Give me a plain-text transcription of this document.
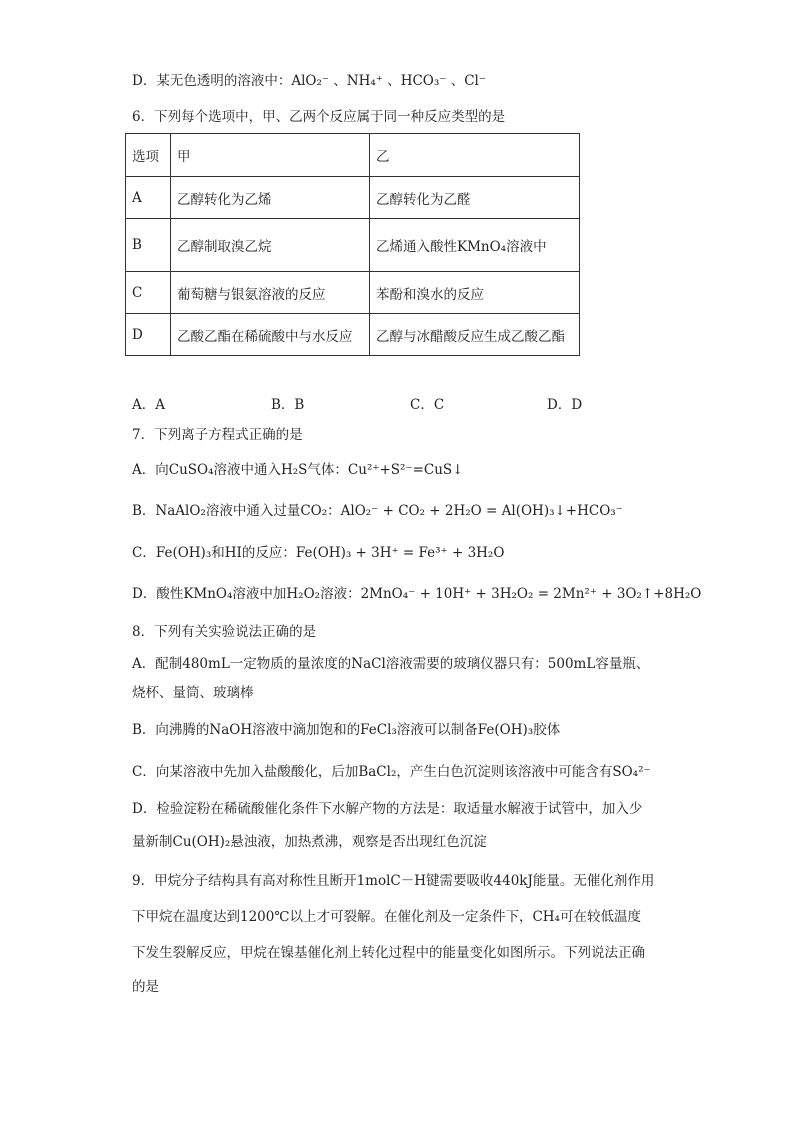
D．某无色透明的溶液中：AlO₂⁻ 、NH₄⁺ 、HCO₃⁻ 、Cl⁻
6．下列每个选项中，甲、乙两个反应属于同一种反应类型的是
选项	甲	乙
A	乙醇转化为乙烯	乙醇转化为乙醛
B	乙醇制取溴乙烷	乙烯通入酸性KMnO₄溶液中
C	葡萄糖与银氨溶液的反应	苯酚和溴水的反应
D	乙酸乙酯在稀硫酸中与水反应	乙醇与冰醋酸反应生成乙酸乙酯
A．A	B．B	C．C	D．D
7．下列离子方程式正确的是
A．向CuSO₄溶液中通入H₂S气体：Cu²⁺+S²⁻=CuS↓
B．NaAlO₂溶液中通入过量CO₂：AlO₂⁻ + CO₂ + 2H₂O = Al(OH)₃↓+HCO₃⁻
C．Fe(OH)₃和HI的反应：Fe(OH)₃ + 3H⁺ = Fe³⁺ + 3H₂O
D．酸性KMnO₄溶液中加H₂O₂溶液：2MnO₄⁻ + 10H⁺ + 3H₂O₂ = 2Mn²⁺ + 3O₂↑+8H₂O
8．下列有关实验说法正确的是
A．配制480mL一定物质的量浓度的NaCl溶液需要的玻璃仪器只有：500mL容量瓶、
烧杯、量筒、玻璃棒
B．向沸腾的NaOH溶液中滴加饱和的FeCl₃溶液可以制备Fe(OH)₃胶体
C．向某溶液中先加入盐酸酸化，后加BaCl₂，产生白色沉淀则该溶液中可能含有SO₄²⁻
D．检验淀粉在稀硫酸催化条件下水解产物的方法是：取适量水解液于试管中，加入少
量新制Cu(OH)₂悬浊液，加热煮沸，观察是否出现红色沉淀
9．甲烷分子结构具有高对称性且断开1molC－H键需要吸收440kJ能量。无催化剂作用
下甲烷在温度达到1200℃以上才可裂解。在催化剂及一定条件下，CH₄可在较低温度
下发生裂解反应，甲烷在镍基催化剂上转化过程中的能量变化如图所示。下列说法正确
的是
